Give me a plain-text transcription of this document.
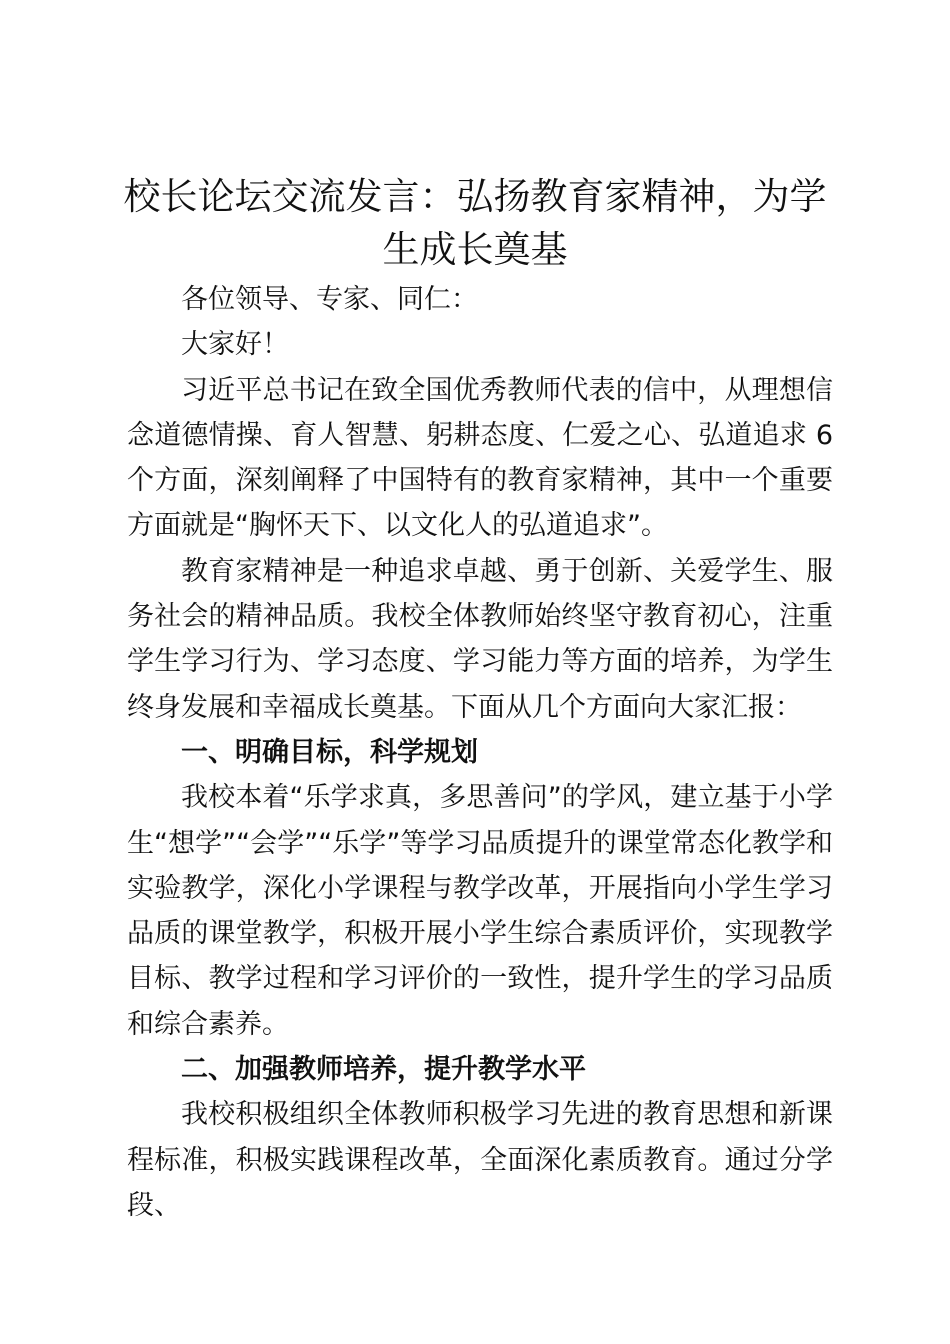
校长论坛交流发言：弘扬教育家精神，为学生成长奠基

各位领导、专家、同仁：

大家好！

习近平总书记在致全国优秀教师代表的信中，从理想信念道德情操、育人智慧、躬耕态度、仁爱之心、弘道追求 6 个方面，深刻阐释了中国特有的教育家精神，其中一个重要方面就是“胸怀天下、以文化人的弘道追求”。

教育家精神是一种追求卓越、勇于创新、关爱学生、服务社会的精神品质。我校全体教师始终坚守教育初心，注重学生学习行为、学习态度、学习能力等方面的培养，为学生终身发展和幸福成长奠基。下面从几个方面向大家汇报：

一、明确目标，科学规划

我校本着“乐学求真，多思善问”的学风，建立基于小学生“想学”“会学”“乐学”等学习品质提升的课堂常态化教学和实验教学，深化小学课程与教学改革，开展指向小学生学习品质的课堂教学，积极开展小学生综合素质评价，实现教学目标、教学过程和学习评价的一致性，提升学生的学习品质和综合素养。

二、加强教师培养，提升教学水平

我校积极组织全体教师积极学习先进的教育思想和新课程标准，积极实践课程改革，全面深化素质教育。通过分学段、
